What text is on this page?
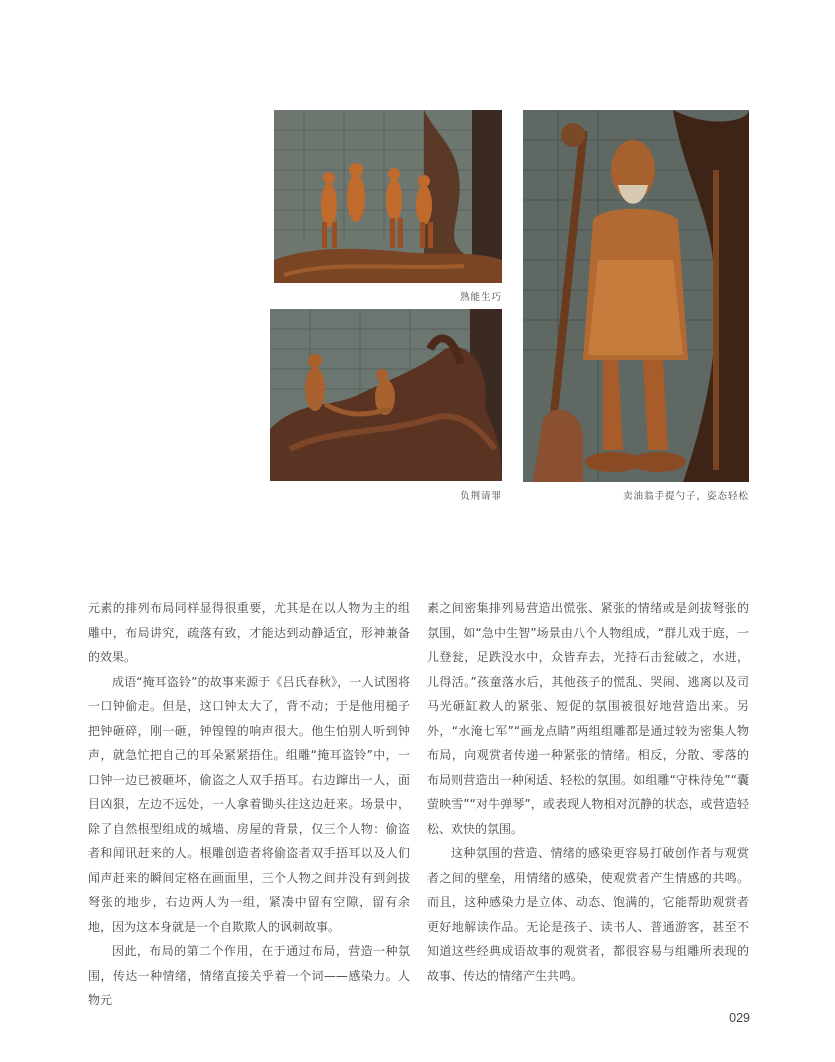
熟能生巧
负荆请罪	卖油翁手提勺子，姿态轻松

元素的排列布局同样显得很重要，尤其是在以人物为主的组雕中，布局讲究，疏落有致，才能达到动静适宜，形神兼备的效果。

成语“掩耳盗铃”的故事来源于《吕氏春秋》，一人试图将一口钟偷走。但是，这口钟太大了，背不动；于是他用槌子把钟砸碎，刚一砸，钟锽锽的响声很大。他生怕别人听到钟声，就急忙把自己的耳朵紧紧捂住。组雕“掩耳盗铃”中，一口钟一边已被砸坏，偷盗之人双手捂耳。右边蹿出一人，面目凶狠，左边不远处，一人拿着锄头往这边赶来。场景中，除了自然根型组成的城墙、房屋的背景，仅三个人物：偷盗者和闻讯赶来的人。根雕创造者将偷盗者双手捂耳以及人们闻声赶来的瞬间定格在画面里，三个人物之间并没有到剑拔弩张的地步，右边两人为一组，紧凑中留有空隙，留有余地，因为这本身就是一个自欺欺人的讽刺故事。

因此，布局的第二个作用，在于通过布局，营造一种氛围，传达一种情绪，情绪直接关乎着一个词——感染力。人物元

素之间密集排列易营造出慌张、紧张的情绪或是剑拔弩张的氛围，如“急中生智”场景由八个人物组成，“群儿戏于庭，一儿登瓮，足跌没水中，众皆弃去，光持石击瓮破之，水迸，儿得活。”孩童落水后，其他孩子的慌乱、哭闹、逃离以及司马光砸缸救人的紧张、短促的氛围被很好地营造出来。另外，“水淹七军”“画龙点睛”两组组雕都是通过较为密集人物布局，向观赏者传递一种紧张的情绪。相反，分散、零落的布局则营造出一种闲适、轻松的氛围。如组雕“守株待兔”“囊萤映雪”“对牛弹琴”，或表现人物相对沉静的状态，或营造轻松、欢快的氛围。

这种氛围的营造、情绪的感染更容易打破创作者与观赏者之间的壁垒，用情绪的感染，使观赏者产生情感的共鸣。而且，这种感染力是立体、动态、饱满的，它能帮助观赏者更好地解读作品。无论是孩子、读书人、普通游客，甚至不知道这些经典成语故事的观赏者，都很容易与组雕所表现的故事、传达的情绪产生共鸣。

029
